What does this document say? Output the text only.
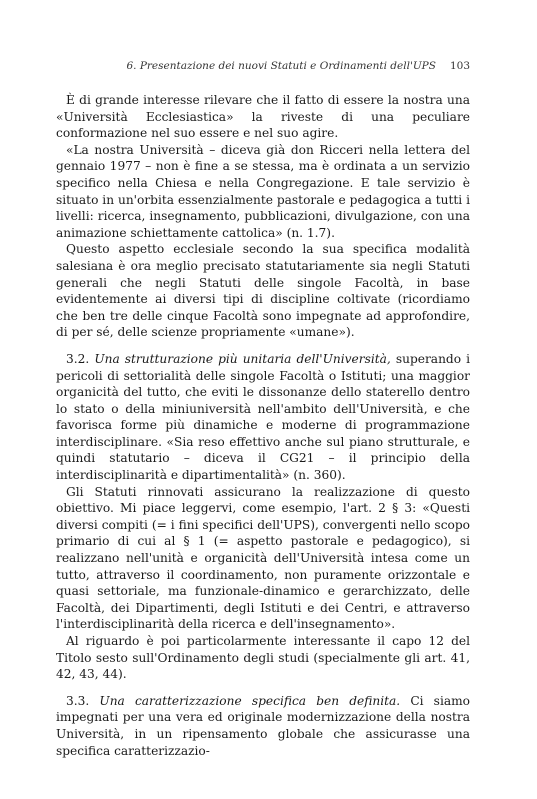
6. Presentazione dei nuovi Statuti e Ordinamenti dell'UPS 103

È di grande interesse rilevare che il fatto di essere la nostra una «Università Ecclesiastica» la riveste di una peculiare conformazione nel suo essere e nel suo agire.

«La nostra Università – diceva già don Ricceri nella lettera del gennaio 1977 – non è fine a se stessa, ma è ordinata a un servizio specifico nella Chiesa e nella Congregazione. E tale servizio è situato in un'orbita essenzialmente pastorale e pedagogica a tutti i livelli: ricerca, insegnamento, pubblicazioni, divulgazione, con una animazione schiettamente cattolica» (n. 1.7).

Questo aspetto ecclesiale secondo la sua specifica modalità salesiana è ora meglio precisato statutariamente sia negli Statuti generali che negli Statuti delle singole Facoltà, in base evidentemente ai diversi tipi di discipline coltivate (ricordiamo che ben tre delle cinque Facoltà sono impegnate ad approfondire, di per sé, delle scienze propriamente «umane»).

3.2. Una strutturazione più unitaria dell'Università, superando i pericoli di settorialità delle singole Facoltà o Istituti; una maggior organicità del tutto, che eviti le dissonanze dello staterello dentro lo stato o della miniuniversità nell'ambito dell'Università, e che favorisca forme più dinamiche e moderne di programmazione interdisciplinare. «Sia reso effettivo anche sul piano strutturale, e quindi statutario – diceva il CG21 – il principio della interdisciplinarità e dipartimentalità» (n. 360).

Gli Statuti rinnovati assicurano la realizzazione di questo obiettivo. Mi piace leggervi, come esempio, l'art. 2 § 3: «Questi diversi compiti (= i fini specifici dell'UPS), convergenti nello scopo primario di cui al § 1 (= aspetto pastorale e pedagogico), si realizzano nell'unità e organicità dell'Università intesa come un tutto, attraverso il coordinamento, non puramente orizzontale e quasi settoriale, ma funzionale-dinamico e gerarchizzato, delle Facoltà, dei Dipartimenti, degli Istituti e dei Centri, e attraverso l'interdisciplinarità della ricerca e dell'insegnamento».

Al riguardo è poi particolarmente interessante il capo 12 del Titolo sesto sull'Ordinamento degli studi (specialmente gli art. 41, 42, 43, 44).

3.3. Una caratterizzazione specifica ben definita. Ci siamo impegnati per una vera ed originale modernizzazione della nostra Università, in un ripensamento globale che assicurasse una specifica caratterizzazio-
